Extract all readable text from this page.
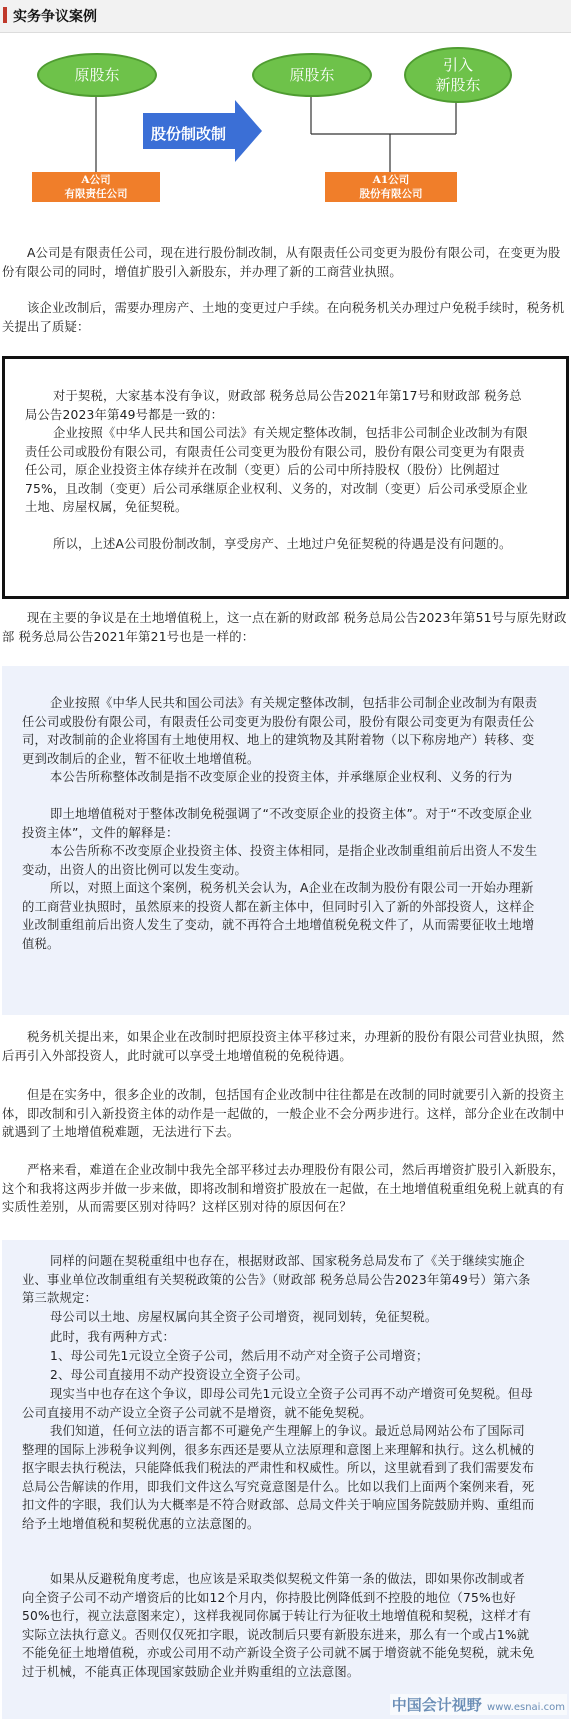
实务争议案例
原股东
A公司
有限责任公司
股份制改制
原股东
引入
新股东
A1公司
股份有限公司

A公司是有限责任公司，现在进行股份制改制，从有限责任公司变更为股份有限公司，在变更为股份有限公司的同时，增值扩股引入新股东，并办理了新的工商营业执照。

该企业改制后，需要办理房产、土地的变更过户手续。在向税务机关办理过户免税手续时，税务机关提出了质疑：

对于契税，大家基本没有争议，财政部 税务总局公告2021年第17号和财政部 税务总局公告2023年第49号都是一致的：

企业按照《中华人民共和国公司法》有关规定整体改制，包括非公司制企业改制为有限责任公司或股份有限公司，有限责任公司变更为股份有限公司，股份有限公司变更为有限责任公司，原企业投资主体存续并在改制（变更）后的公司中所持股权（股份）比例超过75%，且改制（变更）后公司承继原企业权利、义务的，对改制（变更）后公司承受原企业土地、房屋权属，免征契税。

所以，上述A公司股份制改制，享受房产、土地过户免征契税的待遇是没有问题的。

现在主要的争议是在土地增值税上，这一点在新的财政部 税务总局公告2023年第51号与原先财政部 税务总局公告2021年第21号也是一样的：

企业按照《中华人民共和国公司法》有关规定整体改制，包括非公司制企业改制为有限责任公司或股份有限公司，有限责任公司变更为股份有限公司，股份有限公司变更为有限责任公司，对改制前的企业将国有土地使用权、地上的建筑物及其附着物（以下称房地产）转移、变更到改制后的企业，暂不征收土地增值税。

本公告所称整体改制是指不改变原企业的投资主体，并承继原企业权利、义务的行为

即土地增值税对于整体改制免税强调了“不改变原企业的投资主体”。对于“不改变原企业投资主体”，文件的解释是：

本公告所称不改变原企业投资主体、投资主体相同，是指企业改制重组前后出资人不发生变动，出资人的出资比例可以发生变动。

所以，对照上面这个案例，税务机关会认为，A企业在改制为股份有限公司一开始办理新的工商营业执照时，虽然原来的投资人都在新主体中，但同时引入了新的外部投资人，这样企业改制重组前后出资人发生了变动，就不再符合土地增值税免税文件了，从而需要征收土地增值税。

税务机关提出来，如果企业在改制时把原投资主体平移过来，办理新的股份有限公司营业执照，然后再引入外部投资人，此时就可以享受土地增值税的免税待遇。

但是在实务中，很多企业的改制，包括国有企业改制中往往都是在改制的同时就要引入新的投资主体，即改制和引入新投资主体的动作是一起做的，一般企业不会分两步进行。这样，部分企业在改制中就遇到了土地增值税难题，无法进行下去。

严格来看，难道在企业改制中我先全部平移过去办理股份有限公司，然后再增资扩股引入新股东，这个和我将这两步并做一步来做，即将改制和增资扩股放在一起做，在土地增值税重组免税上就真的有实质性差别，从而需要区别对待吗？这样区别对待的原因何在？

同样的问题在契税重组中也存在，根据财政部、国家税务总局发布了《关于继续实施企业、事业单位改制重组有关契税政策的公告》（财政部 税务总局公告2023年第49号）第六条第三款规定：

母公司以土地、房屋权属向其全资子公司增资，视同划转，免征契税。

此时，我有两种方式：

1、母公司先1元设立全资子公司，然后用不动产对全资子公司增资；

2、母公司直接用不动产投资设立全资子公司。

现实当中也存在这个争议，即母公司先1元设立全资子公司再不动产增资可免契税。但母公司直接用不动产设立全资子公司就不是增资，就不能免契税。

我们知道，任何立法的语言都不可避免产生理解上的争议。最近总局网站公布了国际司整理的国际上涉税争议判例，很多东西还是要从立法原理和意图上来理解和执行。这么机械的抠字眼去执行税法，只能降低我们税法的严肃性和权威性。所以，这里就看到了我们需要发布总局公告解读的作用，即我们文件这么写究竟意图是什么。比如以我们上面两个案例来看，死扣文件的字眼，我们认为大概率是不符合财政部、总局文件关于响应国务院鼓励并购、重组而给予土地增值税和契税优惠的立法意图的。

如果从反避税角度考虑，也应该是采取类似契税文件第一条的做法，即如果你改制或者向全资子公司不动产增资后的比如12个月内，你持股比例降低到不控股的地位（75%也好50%也行，视立法意图来定），这样我视同你属于转让行为征收土地增值税和契税，这样才有实际立法执行意义。否则仅仅死扣字眼，说改制后只要有新股东进来，那么有一个或占1%就不能免征土地增值税，亦或公司用不动产新设全资子公司就不属于增资就不能免契税，就未免过于机械，不能真正体现国家鼓励企业并购重组的立法意图。

中国会计视野 www.esnai.com
